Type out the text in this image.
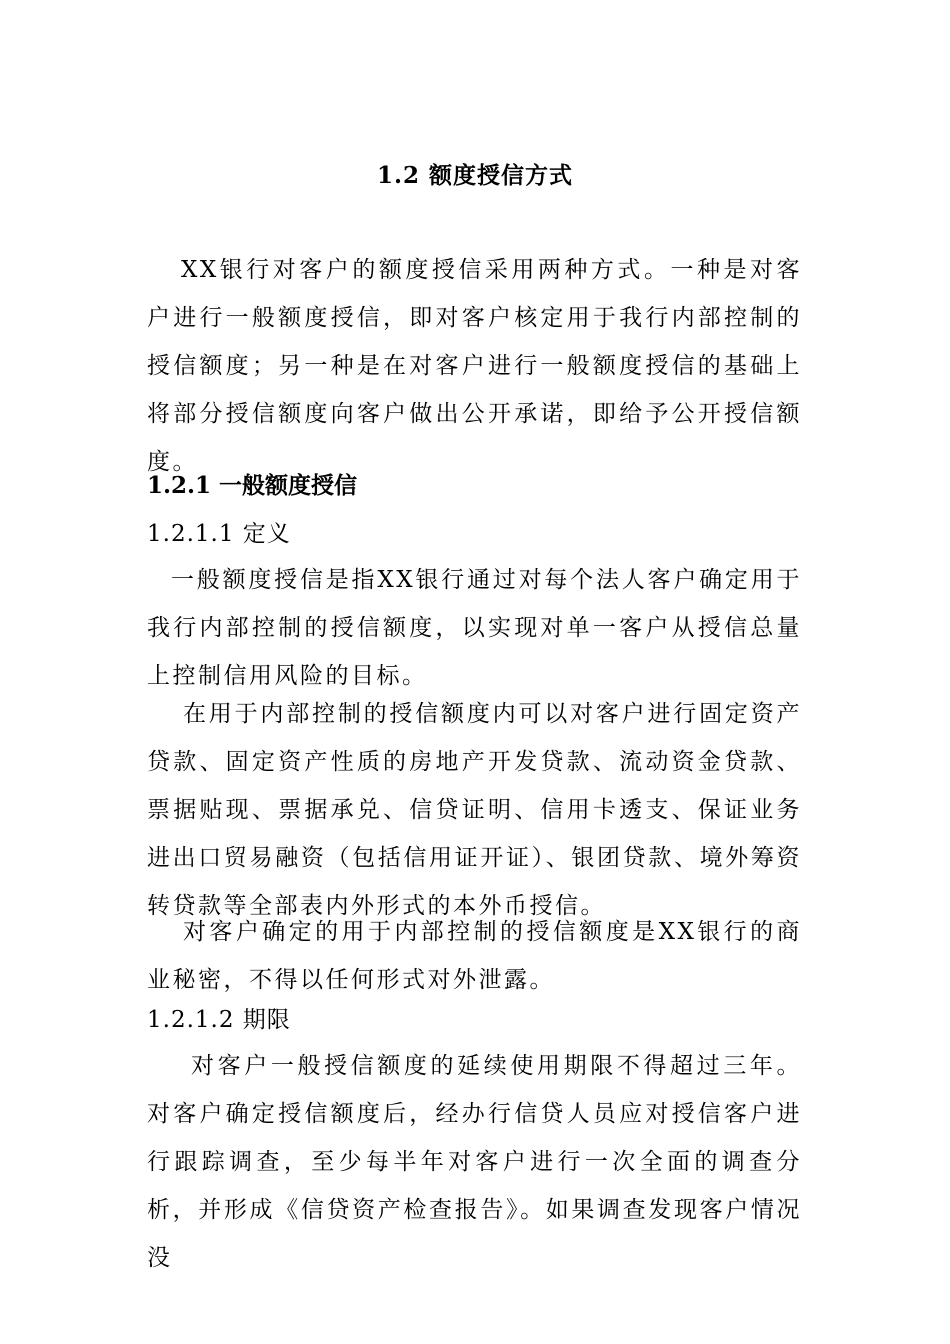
1.2 额度授信方式
XX银行对客户的额度授信采用两种方式。一种是对客户进行一般额度授信，即对客户核定用于我行内部控制的授信额度；另一种是在对客户进行一般额度授信的基础上将部分授信额度向客户做出公开承诺，即给予公开授信额度。
1.2.1 一般额度授信
1.2.1.1 定义
一般额度授信是指XX银行通过对每个法人客户确定用于我行内部控制的授信额度，以实现对单一客户从授信总量上控制信用风险的目标。
在用于内部控制的授信额度内可以对客户进行固定资产贷款、固定资产性质的房地产开发贷款、流动资金贷款、票据贴现、票据承兑、信贷证明、信用卡透支、保证业务进出口贸易融资（包括信用证开证）、银团贷款、境外筹资转贷款等全部表内外形式的本外币授信。
对客户确定的用于内部控制的授信额度是XX银行的商业秘密，不得以任何形式对外泄露。
1.2.1.2 期限
对客户一般授信额度的延续使用期限不得超过三年。对客户确定授信额度后，经办行信贷人员应对授信客户进行跟踪调查，至少每半年对客户进行一次全面的调查分析，并形成《信贷资产检查报告》。如果调查发现客户情况没
